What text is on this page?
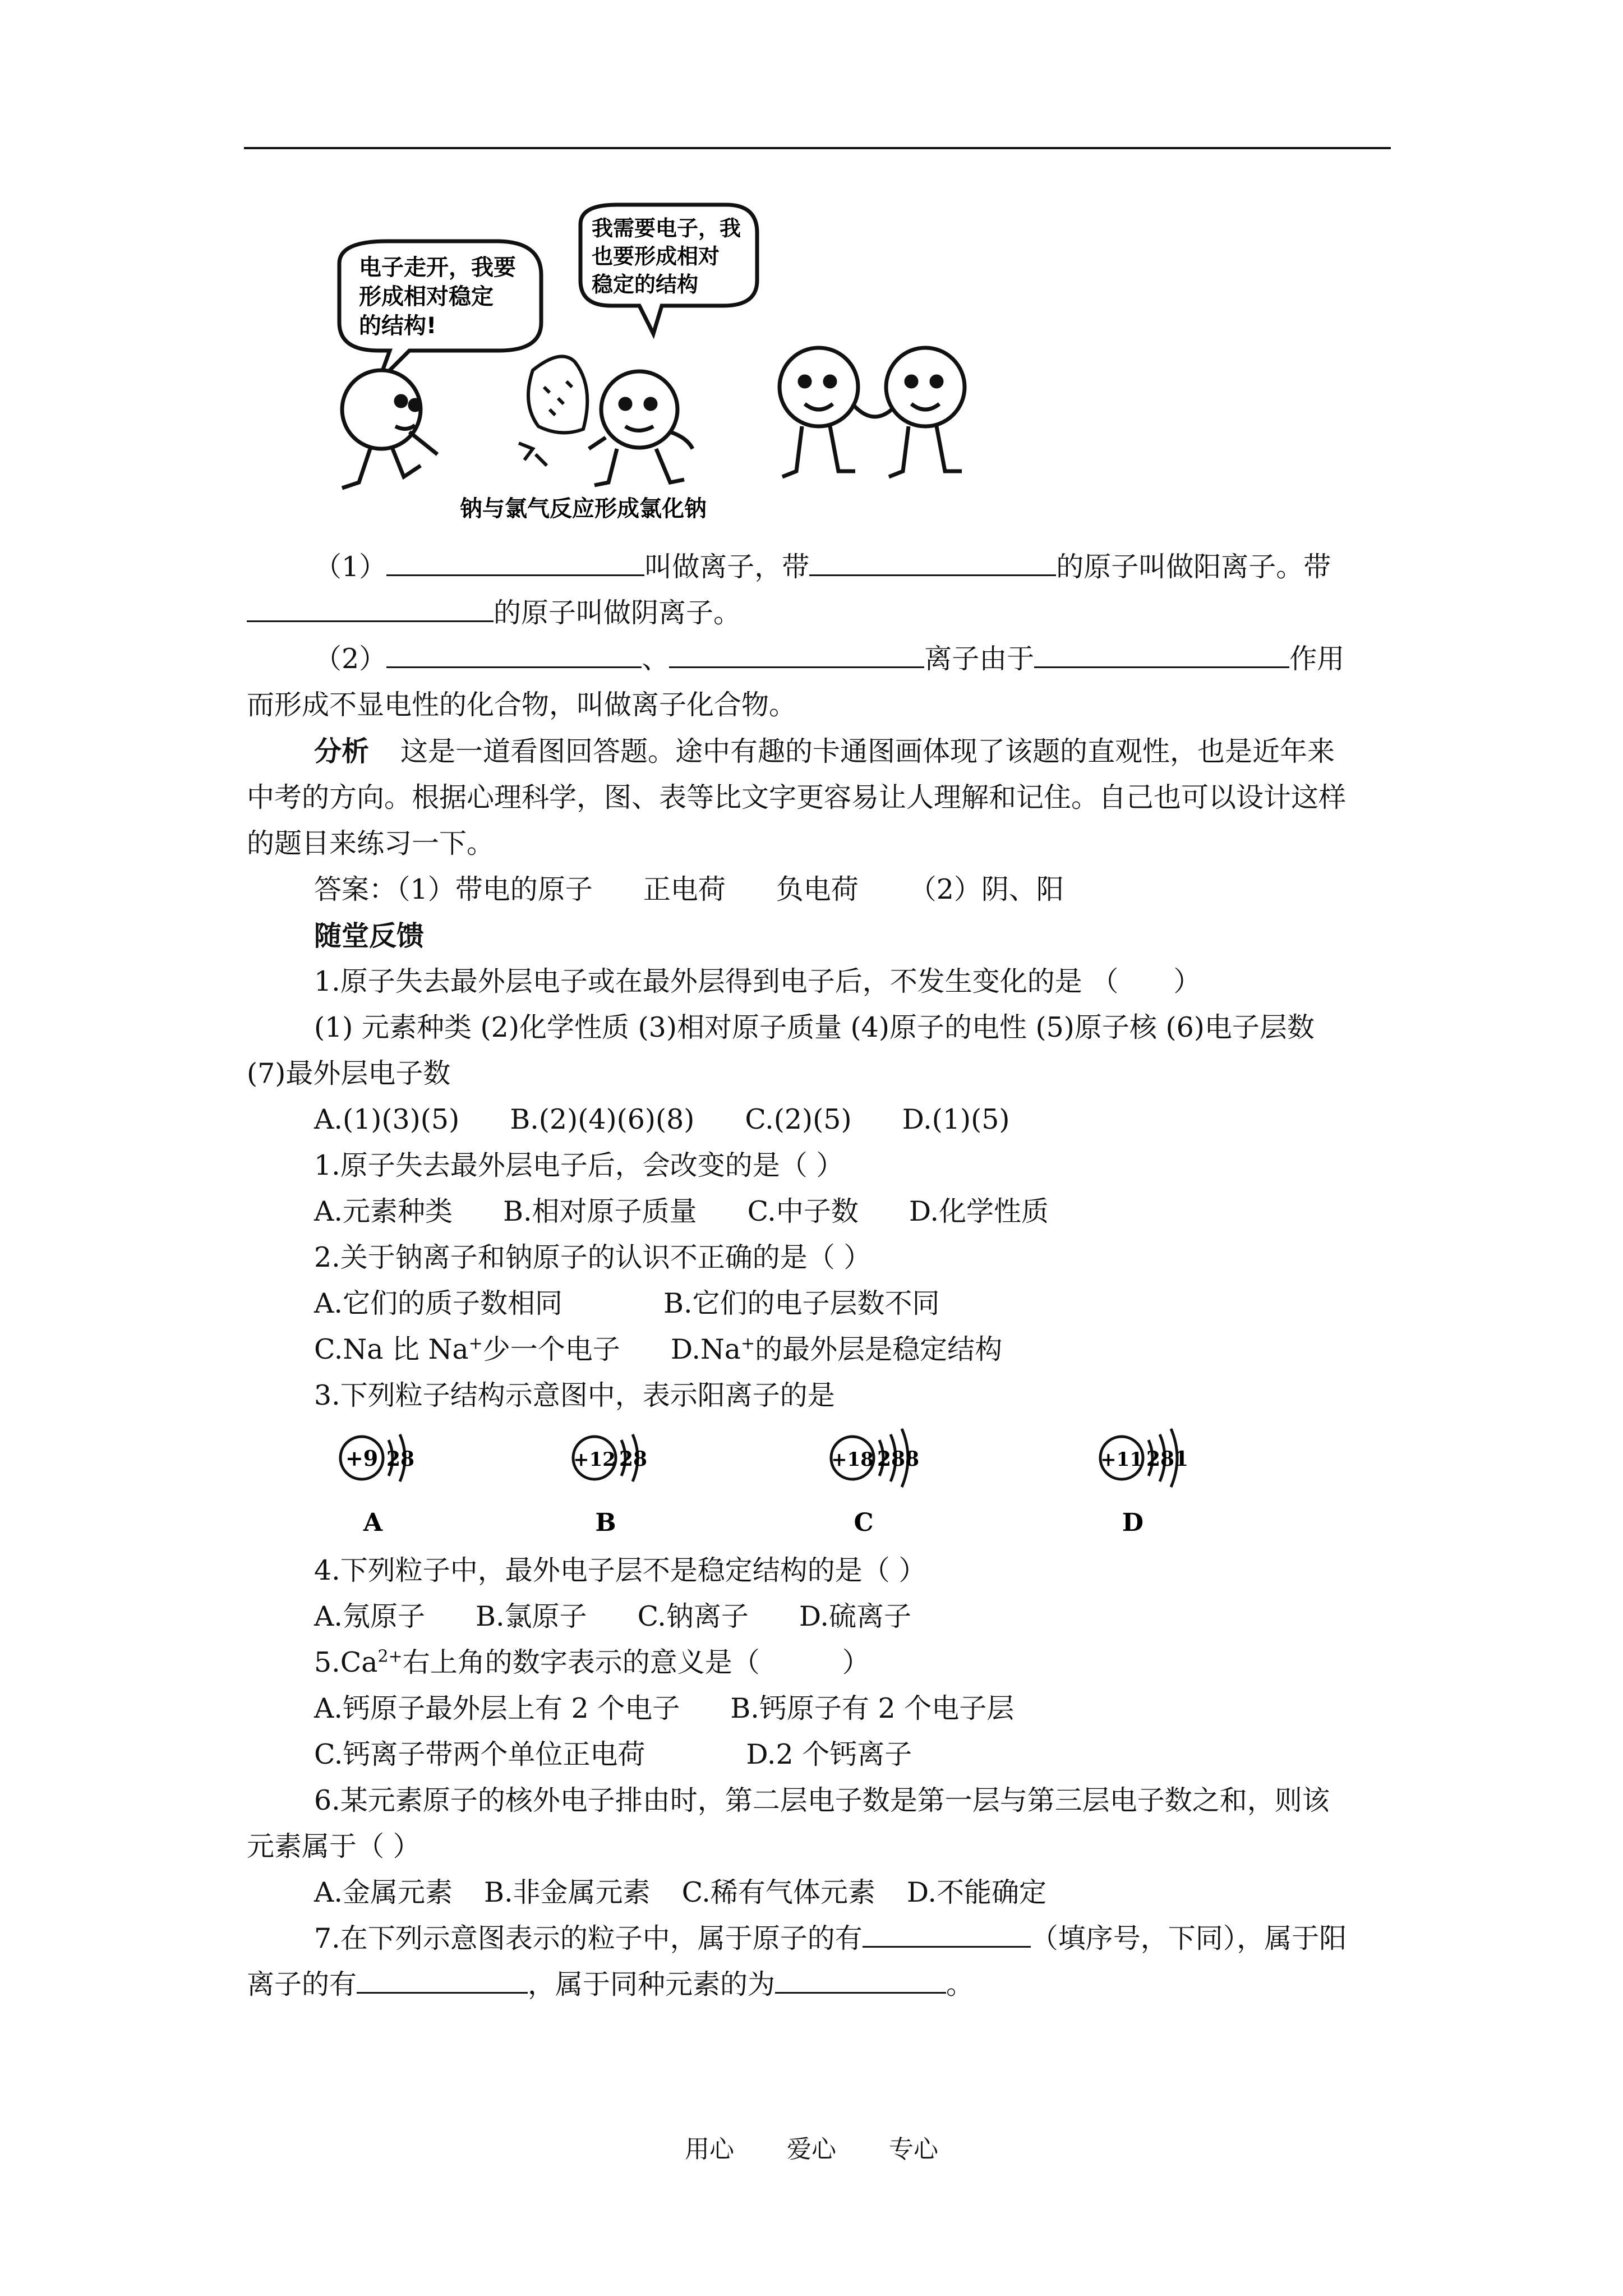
电子走开，我要
形成相对稳定
的结构!
我需要电子，我
也要形成相对
稳定的结构
钠与氯气反应形成氯化钠
（1）	叫做离子，带	的原子叫做阳离子。带
的原子叫做阴离子。
（2）	、	离子由于	作用
而形成不显电性的化合物，叫做离子化合物。
分析 这是一道看图回答题。途中有趣的卡通图画体现了该题的直观性，也是近年来
中考的方向。根据心理科学，图、表等比文字更容易让人理解和记住。自己也可以设计这样
的题目来练习一下。
答案：（1）带电的原子 正电荷 负电荷 （2）阴、阳
随堂反馈
1.原子失去最外层电子或在最外层得到电子后，不发生变化的是 （　　）
(1) 元素种类 (2)化学性质 (3)相对原子质量 (4)原子的电性 (5)原子核 (6)电子层数
(7)最外层电子数
A.(1)(3)(5) B.(2)(4)(6)(8) C.(2)(5) D.(1)(5)
1.原子失去最外层电子后，会改变的是（ ）
A.元素种类 B.相对原子质量 C.中子数 D.化学性质
2.关于钠离子和钠原子的认识不正确的是（ ）
A.它们的质子数相同	B.它们的电子层数不同
C.Na 比 Na+少一个电子 D.Na+的最外层是稳定结构
3.下列粒子结构示意图中，表示阳离子的是
+9 28
A
+12 28
B
+18 288
C
+11 281
D
4.下列粒子中，最外电子层不是稳定结构的是（ ）
A.氖原子 B.氯原子 C.钠离子 D.硫离子
$5.Ca^{2+}$右上角的数字表示的意义是（　　　）
A.钙原子最外层上有 2 个电子 B.钙原子有 2 个电子层
C.钙离子带两个单位正电荷	D.2 个钙离子
6.某元素原子的核外电子排由时，第二层电子数是第一层与第三层电子数之和，则该
元素属于（ ）
A.金属元素 B.非金属元素 C.稀有气体元素 D.不能确定
7.在下列示意图表示的粒子中，属于原子的有	（填序号，下同），属于阳
离子的有	，属于同种元素的为	。
用心 爱心 专心
